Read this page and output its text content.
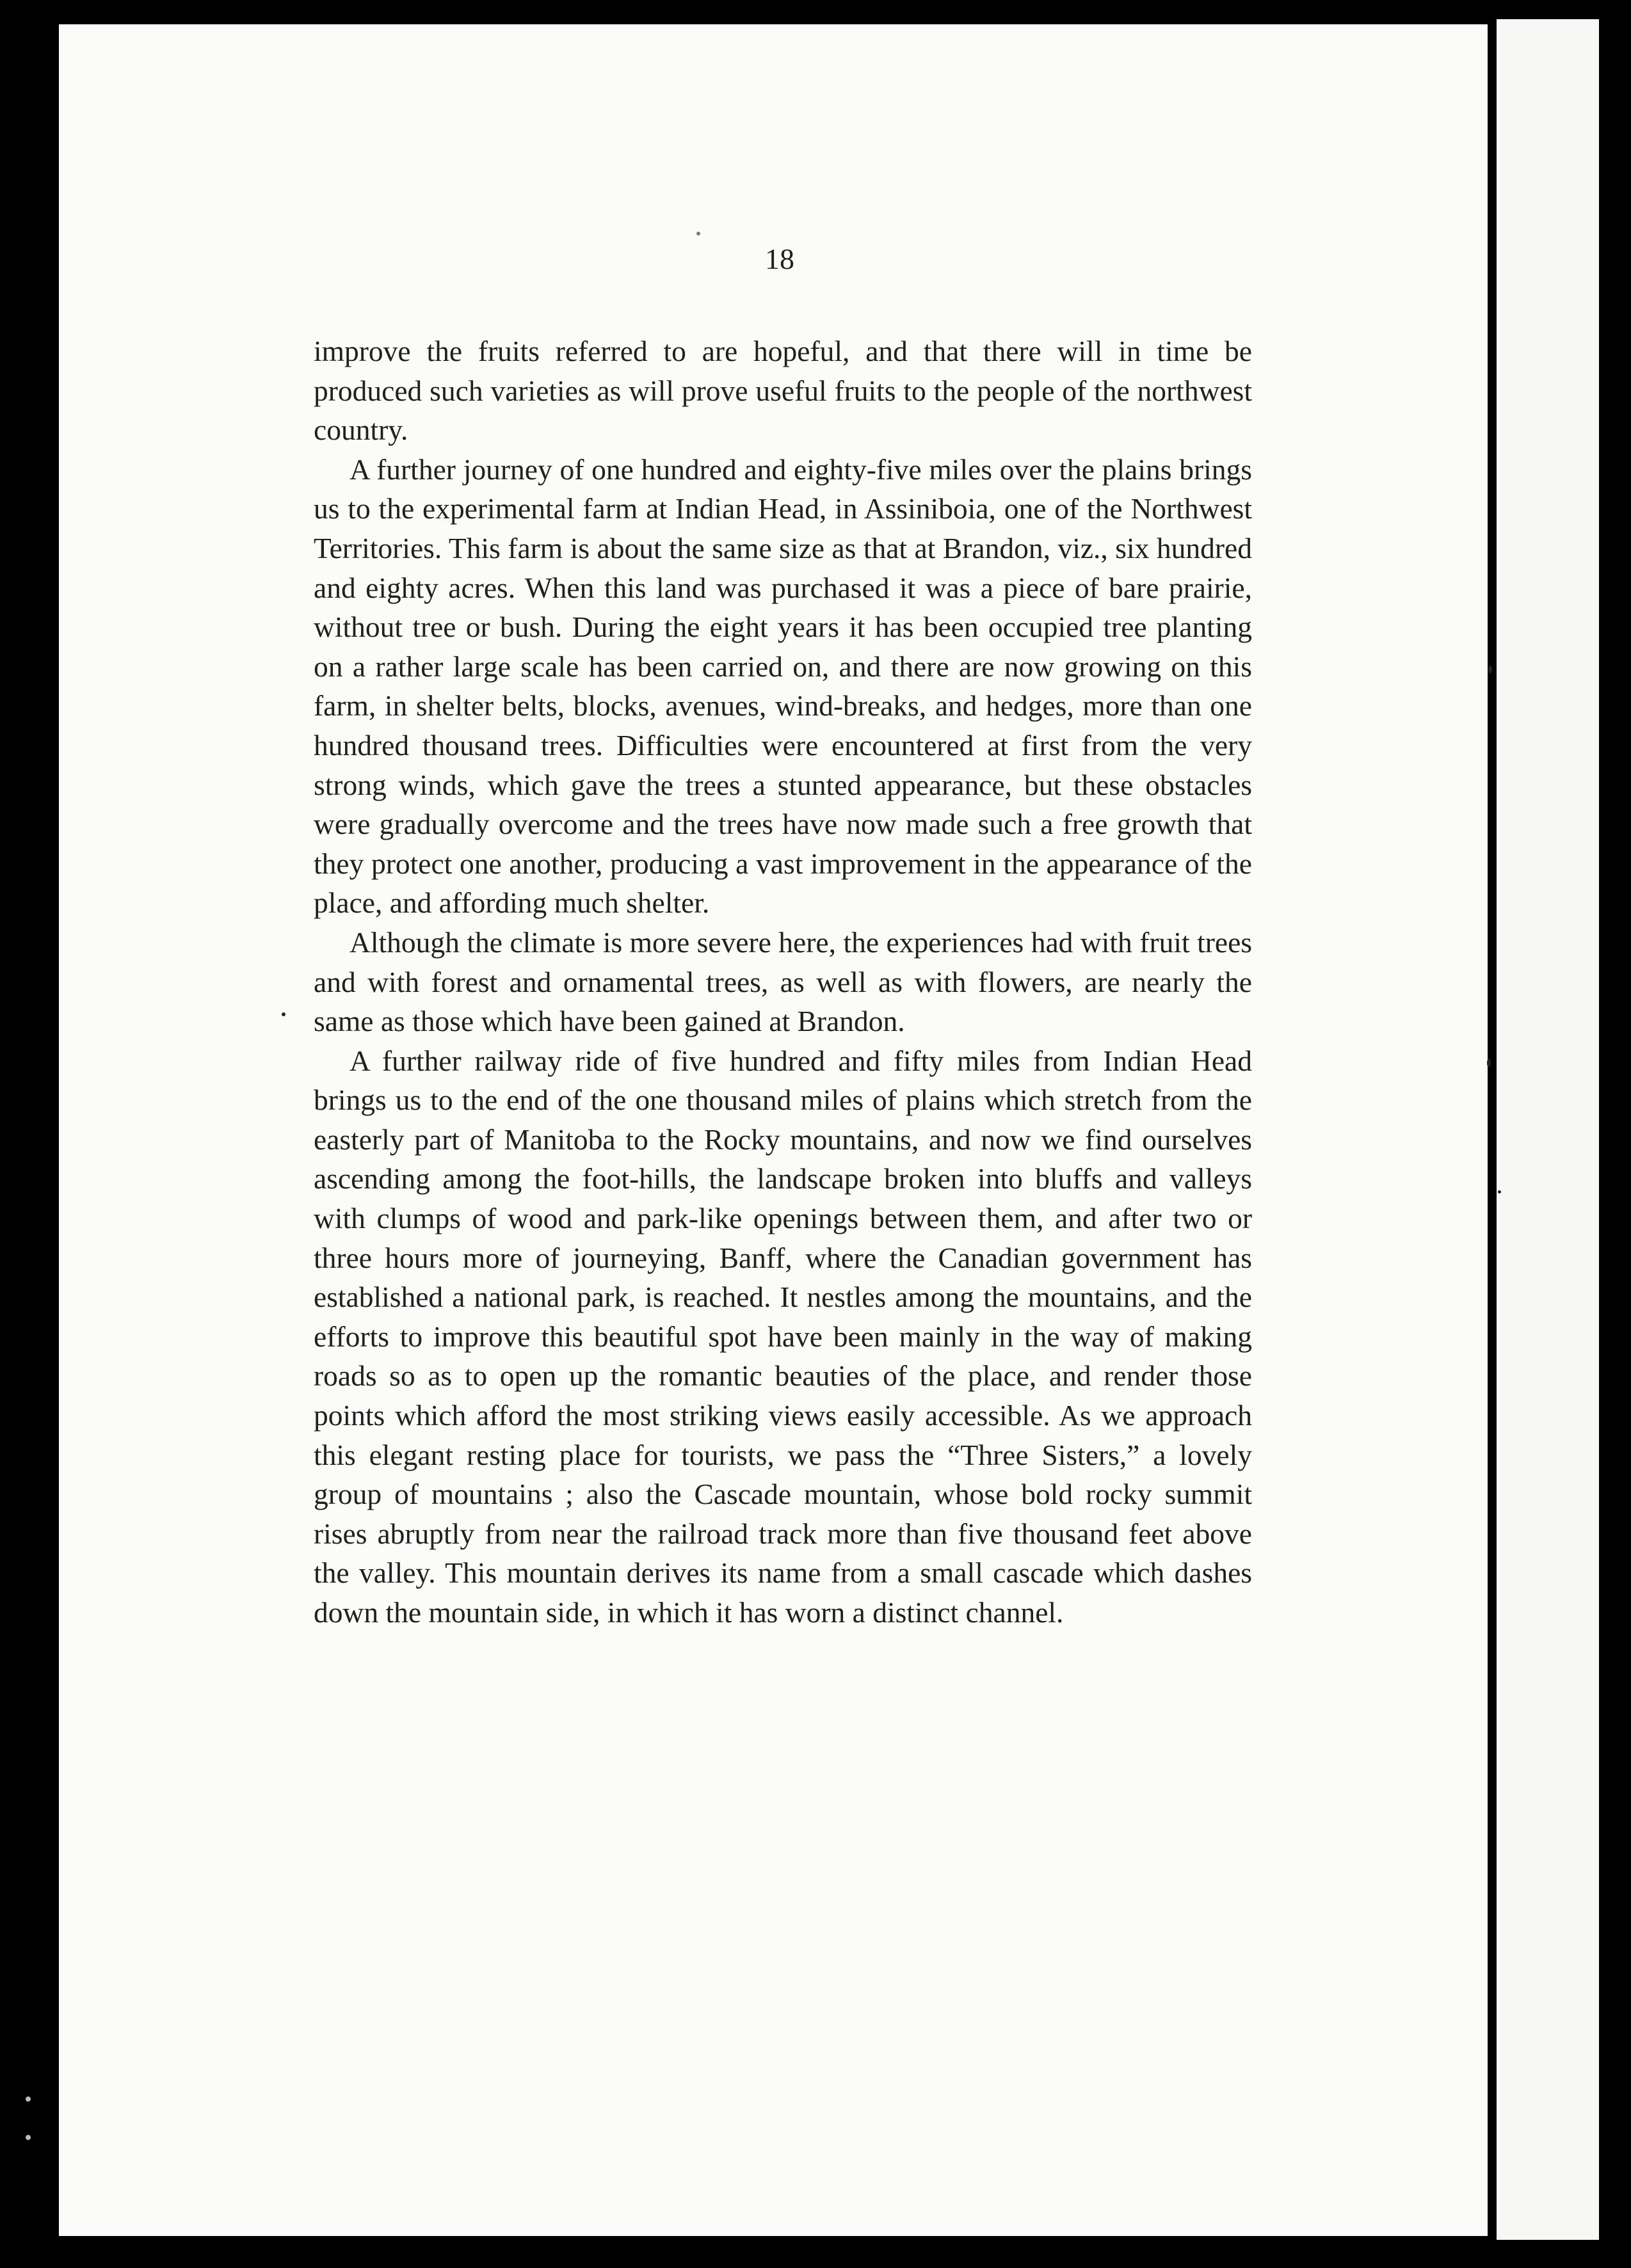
18

improve the fruits referred to are hopeful, and that there will in time be produced such varieties as will prove useful fruits to the people of the northwest country.

A further journey of one hundred and eighty-five miles over the plains brings us to the experimental farm at Indian Head, in Assiniboia, one of the Northwest Territories. This farm is about the same size as that at Brandon, viz., six hundred and eighty acres. When this land was purchased it was a piece of bare prairie, without tree or bush. During the eight years it has been occupied tree planting on a rather large scale has been carried on, and there are now growing on this farm, in shelter belts, blocks, avenues, wind-breaks, and hedges, more than one hundred thousand trees. Difficulties were encountered at first from the very strong winds, which gave the trees a stunted appearance, but these obstacles were gradually overcome and the trees have now made such a free growth that they protect one another, producing a vast improvement in the appearance of the place, and affording much shelter.

Although the climate is more severe here, the experiences had with fruit trees and with forest and ornamental trees, as well as with flowers, are nearly the same as those which have been gained at Brandon.

A further railway ride of five hundred and fifty miles from Indian Head brings us to the end of the one thousand miles of plains which stretch from the easterly part of Manitoba to the Rocky mountains, and now we find ourselves ascending among the foot-hills, the landscape broken into bluffs and valleys with clumps of wood and park-like openings between them, and after two or three hours more of journeying, Banff, where the Canadian government has established a national park, is reached. It nestles among the mountains, and the efforts to improve this beautiful spot have been mainly in the way of making roads so as to open up the romantic beauties of the place, and render those points which afford the most striking views easily accessible. As we approach this elegant resting place for tourists, we pass the “Three Sisters,” a lovely group of mountains ; also the Cascade mountain, whose bold rocky summit rises abruptly from near the railroad track more than five thousand feet above the valley. This mountain derives its name from a small cascade which dashes down the mountain side, in which it has worn a distinct channel.
